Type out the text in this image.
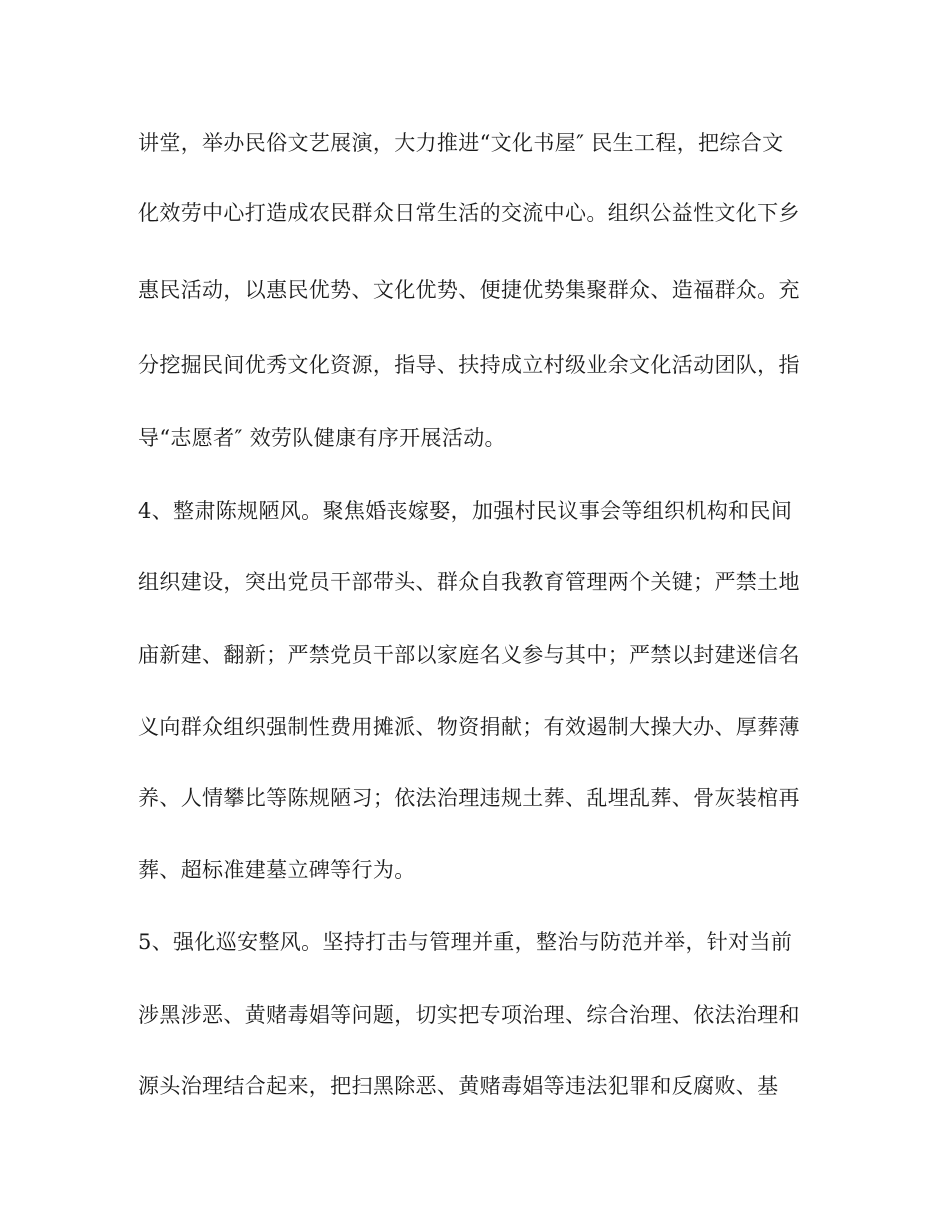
讲堂，举办民俗文艺展演，大力推进“文化书屋″ 民生工程，把综合文
化效劳中心打造成农民群众日常生活的交流中心。组织公益性文化下乡
惠民活动，以惠民优势、文化优势、便捷优势集聚群众、造福群众。充
分挖掘民间优秀文化资源，指导、扶持成立村级业余文化活动团队，指
导“志愿者″ 效劳队健康有序开展活动。
4、整肃陈规陋风。聚焦婚丧嫁娶，加强村民议事会等组织机构和民间
组织建设，突出党员干部带头、群众自我教育管理两个关键；严禁土地
庙新建、翻新；严禁党员干部以家庭名义参与其中；严禁以封建迷信名
义向群众组织强制性费用摊派、物资捐献；有效遏制大操大办、厚葬薄
养、人情攀比等陈规陋习；依法治理违规土葬、乱埋乱葬、骨灰装棺再
葬、超标准建墓立碑等行为。
5、强化巡安整风。坚持打击与管理并重，整治与防范并举，针对当前
涉黑涉恶、黄赌毒娼等问题，切实把专项治理、综合治理、依法治理和
源头治理结合起来，把扫黑除恶、黄赌毒娼等违法犯罪和反腐败、基
